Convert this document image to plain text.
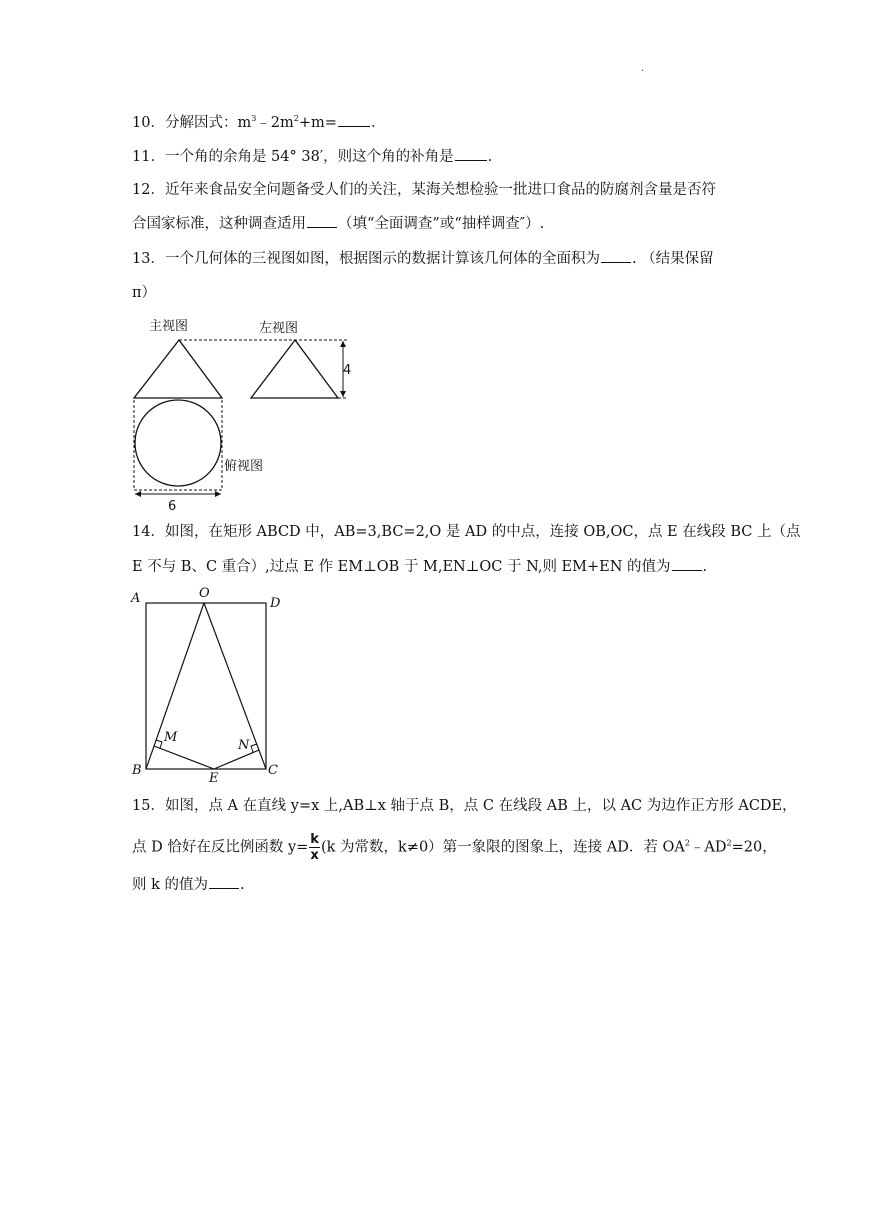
·
10．分解因式：$m^3﹣2m^2+m=$ .
11．一个角的余角是 54° 38′，则这个角的补角是 .
12．近年来食品安全问题备受人们的关注，某海关想检验一批进口食品的防腐剂含量是否符
合国家标准，这种调查适用 （填“全面调查”或“抽样调查″）.
13．一个几何体的三视图如图，根据图示的数据计算该几何体的全面积为 . （结果保留
π）
主视图	左视图
4
俯视图
6
14．如图，在矩形 ABCD 中，AB=3,BC=2,O 是 AD 的中点，连接 OB,OC，点 E 在线段 BC 上（点
E 不与 B、C 重合）,过点 E 作 EM⊥OB 于 M,EN⊥OC 于 N,则 EM+EN 的值为 .
A	O
D
B
E
C
M
N
15．如图，点 A 在直线 y=x 上,AB⊥x 轴于点 B，点 C 在线段 AB 上，以 AC 为边作正方形 ACDE，
点 D 恰好在反比例函数 $y= \frac{k}{x} (k$ 为常数，k≠0）第一象限的图象上，连接 AD．若 $OA^2﹣AD^2=20$，
则 k 的值为 .
